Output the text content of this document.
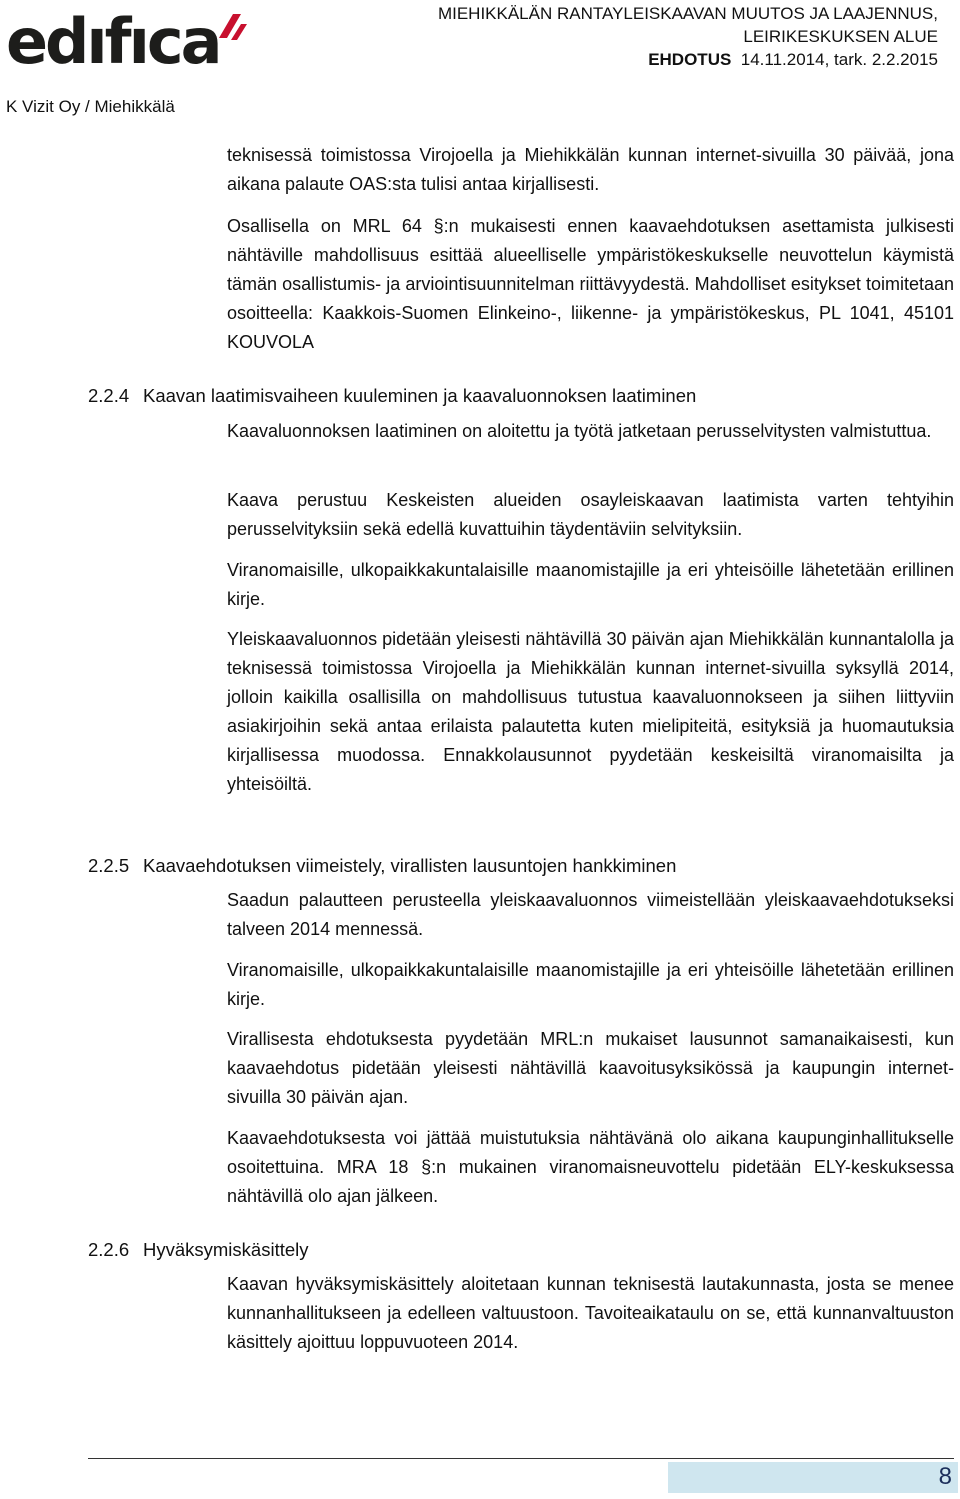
edıfıca
K Vizit Oy / Miehikkälä
MIEHIKKÄLÄN RANTAYLEISKAAVAN MUUTOS JA LAAJENNUS,
LEIRIKESKUKSEN ALUE
EHDOTUS 14.11.2014, tark. 2.2.2015
teknisessä toimistossa Virojoella ja Miehikkälän kunnan internet-sivuilla 30 päivää, jona aikana palaute OAS:sta tulisi antaa kirjallisesti.
Osallisella on MRL 64 §:n mukaisesti ennen kaavaehdotuksen asettamista julkisesti nähtäville mahdollisuus esittää alueelliselle ympäristökeskukselle neuvottelun käymistä tämän osallistumis- ja arviointisuunnitelman riittävyydestä. Mahdolliset esitykset toimitetaan osoitteella: Kaakkois-Suomen Elinkeino-, liikenne- ja ympäristökeskus, PL 1041, 45101 KOUVOLA
2.2.4 Kaavan laatimisvaiheen kuuleminen ja kaavaluonnoksen laatiminen
Kaavaluonnoksen laatiminen on aloitettu ja työtä jatketaan perusselvitysten valmistuttua.
Kaava perustuu Keskeisten alueiden osayleiskaavan laatimista varten tehtyihin perusselvityksiin sekä edellä kuvattuihin täydentäviin selvityksiin.
Viranomaisille, ulkopaikkakuntalaisille maanomistajille ja eri yhteisöille lähetetään erillinen kirje.
Yleiskaavaluonnos pidetään yleisesti nähtävillä 30 päivän ajan Miehikkälän kunnantalolla ja teknisessä toimistossa Virojoella ja Miehikkälän kunnan internet-sivuilla syksyllä 2014, jolloin kaikilla osallisilla on mahdollisuus tutustua kaavaluonnokseen ja siihen liittyviin asiakirjoihin sekä antaa erilaista palautetta kuten mielipiteitä, esityksiä ja huomautuksia kirjallisessa muodossa. Ennakkolausunnot pyydetään keskeisiltä viranomaisilta ja yhteisöiltä.
2.2.5 Kaavaehdotuksen viimeistely, virallisten lausuntojen hankkiminen
Saadun palautteen perusteella yleiskaavaluonnos viimeistellään yleiskaavaehdotukseksi talveen 2014 mennessä.
Viranomaisille, ulkopaikkakuntalaisille maanomistajille ja eri yhteisöille lähetetään erillinen kirje.
Virallisesta ehdotuksesta pyydetään MRL:n mukaiset lausunnot samanaikaisesti, kun kaavaehdotus pidetään yleisesti nähtävillä kaavoitusyksikössä ja kaupungin internet-sivuilla 30 päivän ajan.
Kaavaehdotuksesta voi jättää muistutuksia nähtävänä olo aikana kaupunginhallitukselle osoitettuina. MRA 18 §:n mukainen viranomaisneuvottelu pidetään ELY-keskuksessa nähtävillä olo ajan jälkeen.
2.2.6 Hyväksymiskäsittely
Kaavan hyväksymiskäsittely aloitetaan kunnan teknisestä lautakunnasta, josta se menee kunnanhallitukseen ja edelleen valtuustoon. Tavoiteaikataulu on se, että kunnanvaltuuston käsittely ajoittuu loppuvuoteen 2014.
8
